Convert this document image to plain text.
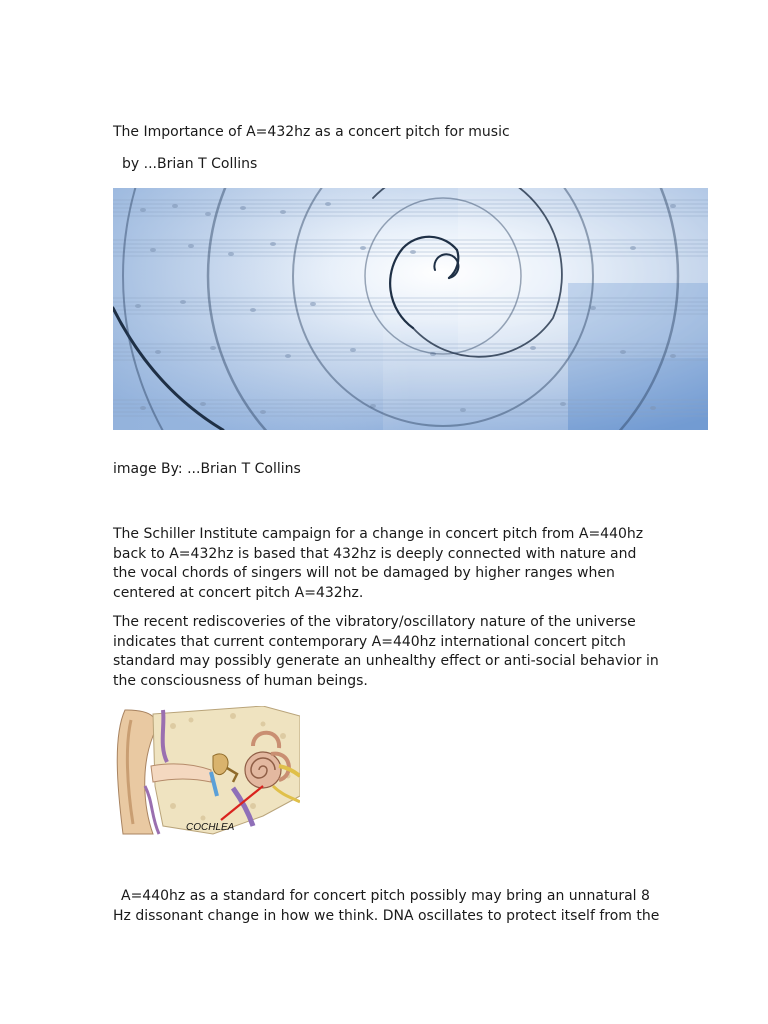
The Importance of A=432hz as a concert pitch for music
by ...Brian T Collins
image By: ...Brian T Collins
The Schiller Institute campaign for a change in concert pitch from A=440hz
back to A=432hz is based that 432hz is deeply connected with nature and
the vocal chords of singers will not be damaged by higher ranges when
centered at concert pitch A=432hz.
The recent rediscoveries of the vibratory/oscillatory nature of the universe
indicates that current contemporary A=440hz international concert pitch
standard may possibly generate an unhealthy effect or anti-social behavior in
the consciousness of human beings.
COCHLEA
A=440hz as a standard for concert pitch possibly may bring an unnatural 8
Hz dissonant change in how we think. DNA oscillates to protect itself from the
